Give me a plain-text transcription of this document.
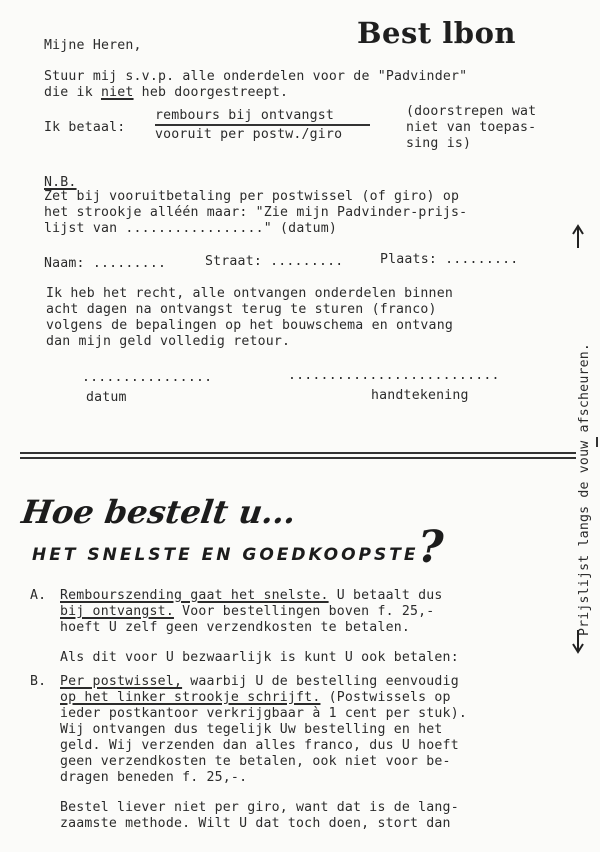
Best lbon
Mijne Heren,
Stuur mij s.v.p. alle onderdelen voor de "Padvinder"
die ik niet heb doorgestreept.
Ik betaal:
rembours bij ontvangst
vooruit per postw./giro
(doorstrepen wat
niet van toepas-
sing is)
N.B.
Zet bij vooruitbetaling per postwissel (of giro) op
het strookje alléén maar: "Zie mijn Padvinder-prijs-
lijst van ................." (datum)
Naam: .........	Straat: .........	Plaats: .........
Ik heb het recht, alle ontvangen onderdelen binnen
acht dagen na ontvangst terug te sturen (franco)
volgens de bepalingen op het bouwschema en ontvang
dan mijn geld volledig retour.
................	..........................
datum	handtekening	Prijslijst langs de vouw afscheuren.
Hoe bestelt u...
HET SNELSTE EN GOEDKOOPSTE ?
A. Rembourszending gaat het snelste. U betaalt dus
bij ontvangst. Voor bestellingen boven f. 25,-
hoeft U zelf geen verzendkosten te betalen.
Als dit voor U bezwaarlijk is kunt U ook betalen:
B. Per postwissel, waarbij U de bestelling eenvoudig
op het linker strookje schrijft. (Postwissels op
ieder postkantoor verkrijgbaar à 1 cent per stuk).
Wij ontvangen dus tegelijk Uw bestelling en het
geld. Wij verzenden dan alles franco, dus U hoeft
geen verzendkosten te betalen, ook niet voor be-
dragen beneden f. 25,-.
Bestel liever niet per giro, want dat is de lang-
zaamste methode. Wilt U dat toch doen, stort dan
